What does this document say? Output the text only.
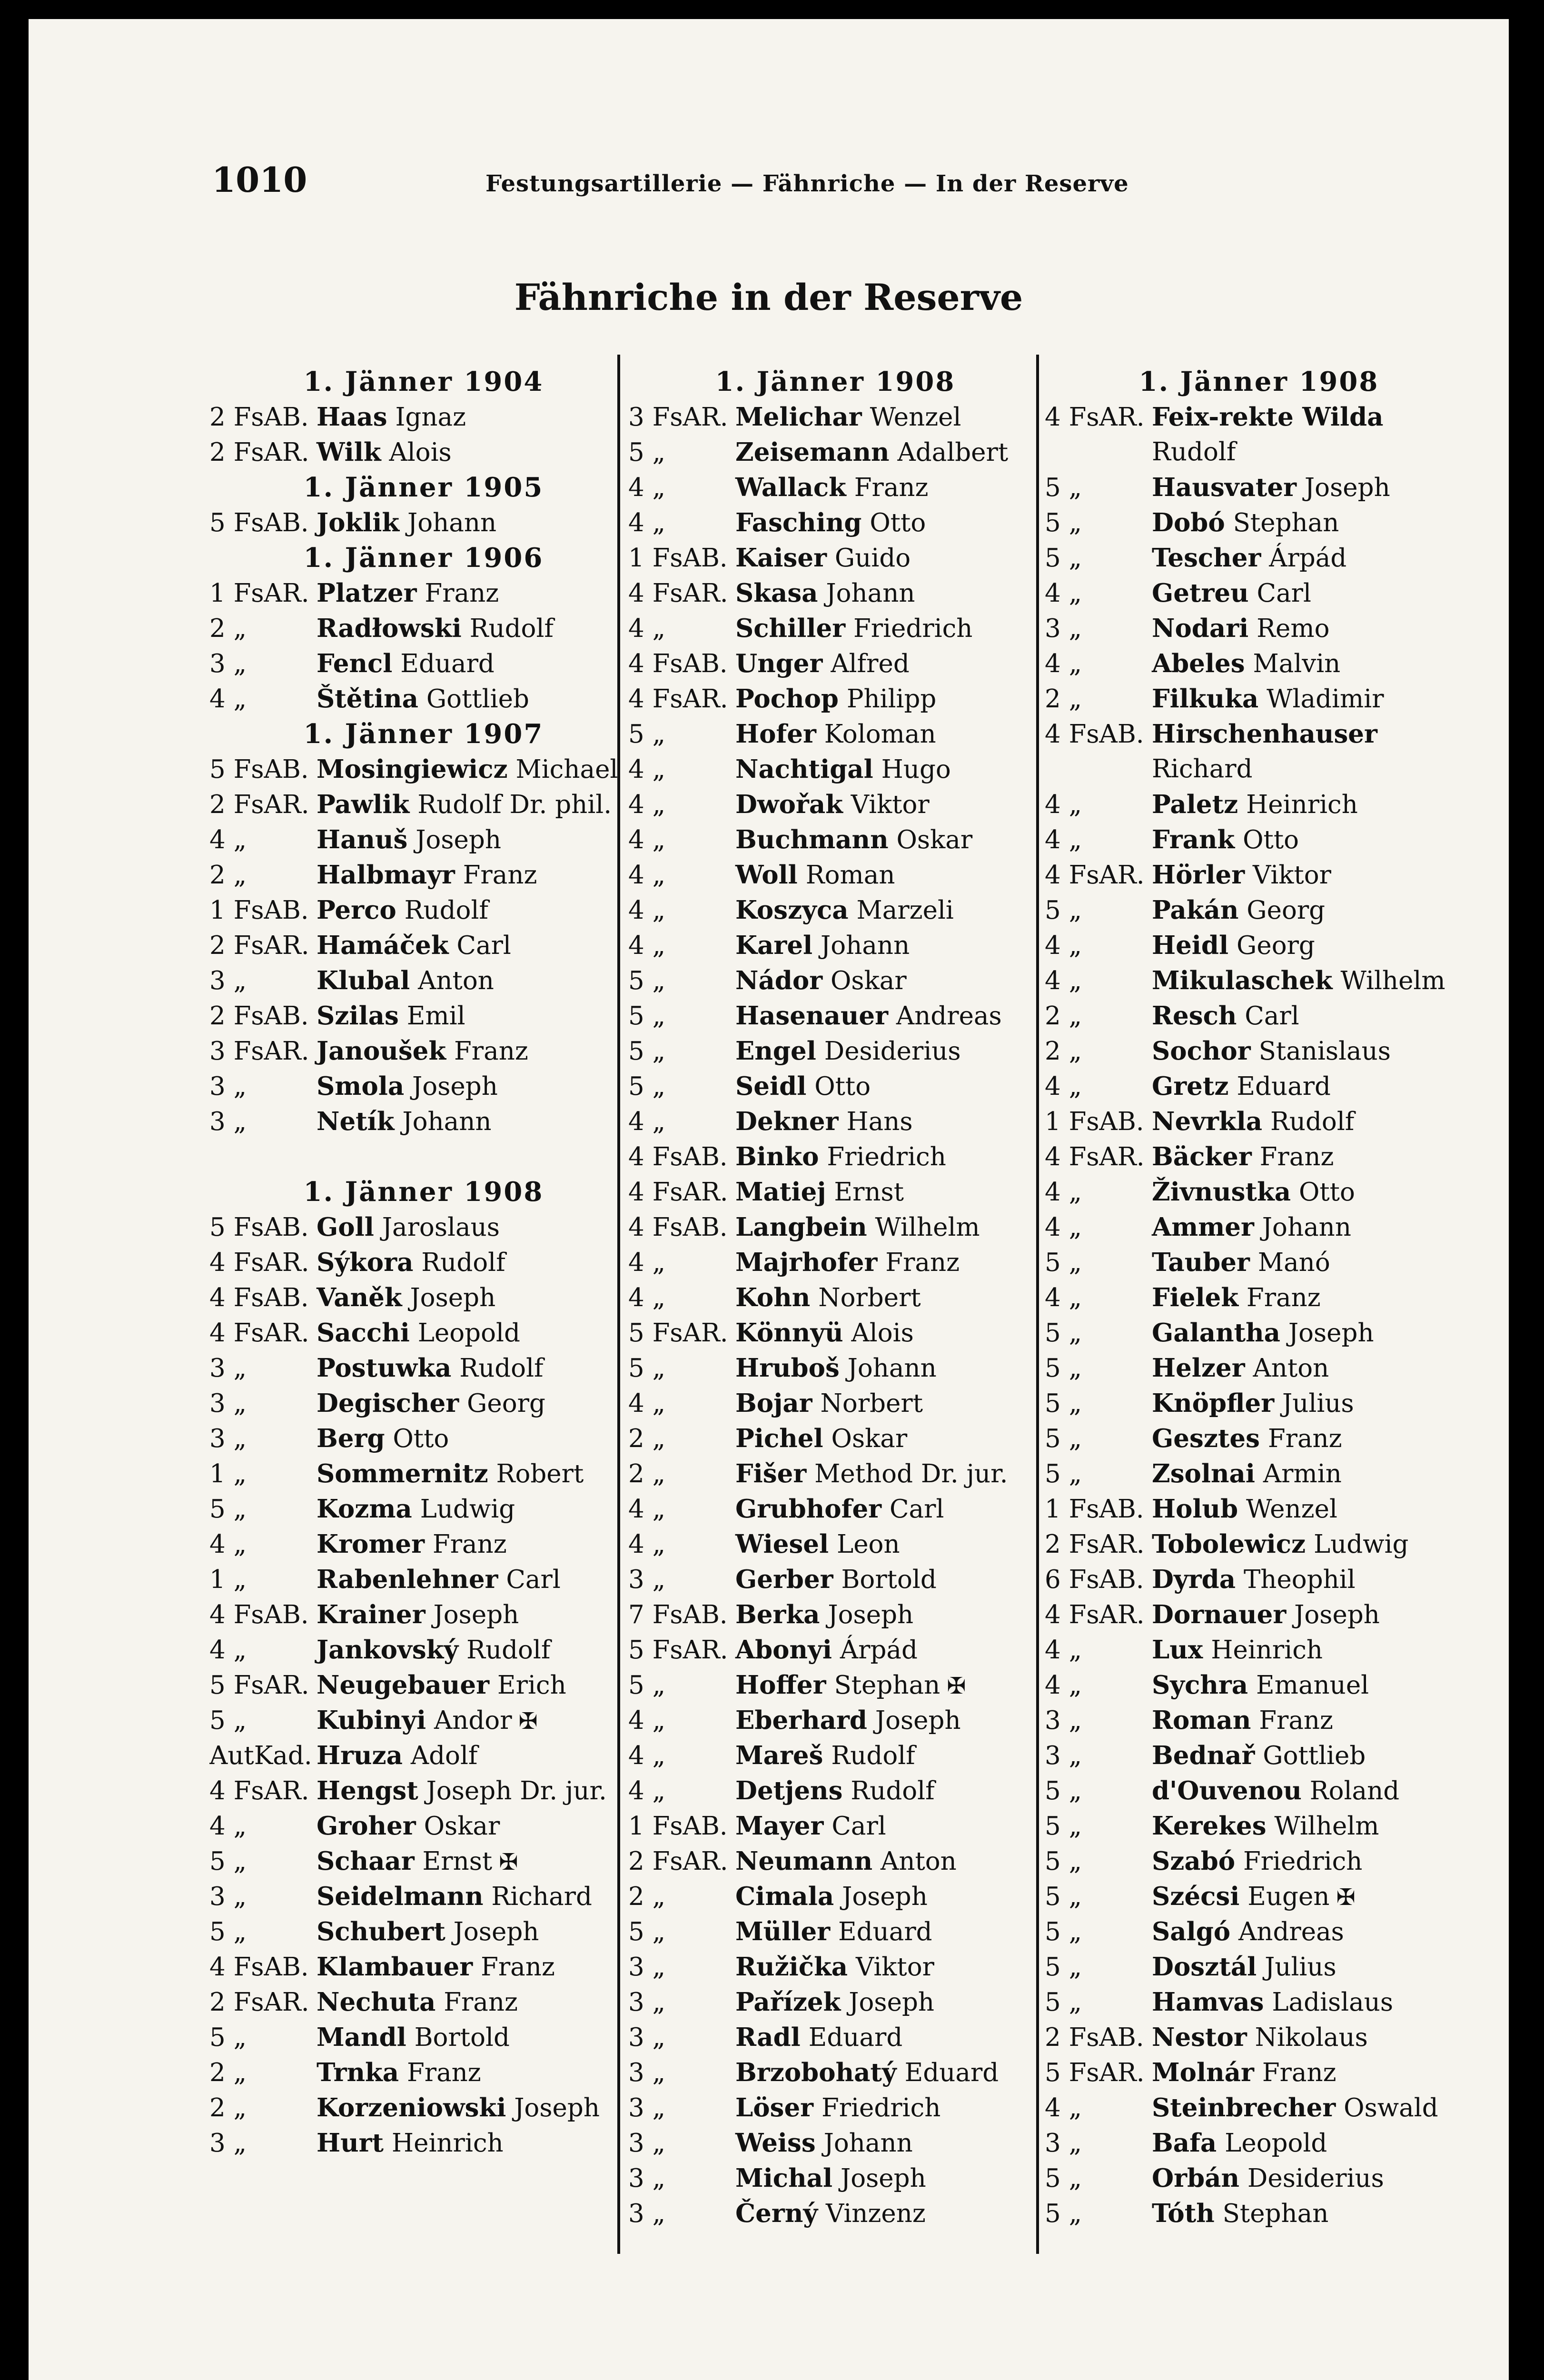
1010	Festungsartillerie — Fähnriche — In der Reserve
Fähnriche in der Reserve
1. Jänner 1904
2 FsAB. Haas Ignaz
2 FsAR. Wilk Alois
1. Jänner 1905
5 FsAB. Joklik Johann
1. Jänner 1906
1 FsAR. Platzer Franz
2 „	Radłowski Rudolf
3 „	Fencl Eduard
4 „	Štětina Gottlieb
1. Jänner 1907
5 FsAB. Mosingiewicz Michael
2 FsAR. Pawlik Rudolf Dr. phil.
4 „	Hanuš Joseph
2 „	Halbmayr Franz
1 FsAB. Perco Rudolf
2 FsAR. Hamáček Carl
3 „	Klubal Anton
2 FsAB. Szilas Emil
3 FsAR. Janoušek Franz
3 „	Smola Joseph
3 „	Netík Johann
1. Jänner 1908
5 FsAB. Goll Jaroslaus
4 FsAR. Sýkora Rudolf
4 FsAB. Vaněk Joseph
4 FsAR. Sacchi Leopold
3 „	Postuwka Rudolf
3 „	Degischer Georg
3 „	Berg Otto
1 „	Sommernitz Robert
5 „	Kozma Ludwig
4 „	Kromer Franz
1 „	Rabenlehner Carl
4 FsAB. Krainer Joseph
4 „	Jankovský Rudolf
5 FsAR. Neugebauer Erich
5 „	Kubinyi Andor ✠
AutKad. Hruza Adolf
4 FsAR. Hengst Joseph Dr. jur.
4 „	Groher Oskar
5 „	Schaar Ernst ✠
3 „	Seidelmann Richard
5 „	Schubert Joseph
4 FsAB. Klambauer Franz
2 FsAR. Nechuta Franz
5 „	Mandl Bortold
2 „	Trnka Franz
2 „	Korzeniowski Joseph
3 „	Hurt Heinrich
1. Jänner 1908
3 FsAR. Melichar Wenzel
5 „	Zeisemann Adalbert
4 „	Wallack Franz
4 „	Fasching Otto
1 FsAB. Kaiser Guido
4 FsAR. Skasa Johann
4 „	Schiller Friedrich
4 FsAB. Unger Alfred
4 FsAR. Pochop Philipp
5 „	Hofer Koloman
4 „	Nachtigal Hugo
4 „	Dwořak Viktor
4 „	Buchmann Oskar
4 „	Woll Roman
4 „	Koszyca Marzeli
4 „	Karel Johann
5 „	Nádor Oskar
5 „	Hasenauer Andreas
5 „	Engel Desiderius
5 „	Seidl Otto
4 „	Dekner Hans
4 FsAB. Binko Friedrich
4 FsAR. Matiej Ernst
4 FsAB. Langbein Wilhelm
4 „	Majrhofer Franz
4 „	Kohn Norbert
5 FsAR. Könnyü Alois
5 „	Hruboš Johann
4 „	Bojar Norbert
2 „	Pichel Oskar
2 „	Fišer Method Dr. jur.
4 „	Grubhofer Carl
4 „	Wiesel Leon
3 „	Gerber Bortold
7 FsAB. Berka Joseph
5 FsAR. Abonyi Árpád
5 „	Hoffer Stephan ✠
4 „	Eberhard Joseph
4 „	Mareš Rudolf
4 „	Detjens Rudolf
1 FsAB. Mayer Carl
2 FsAR. Neumann Anton
2 „	Cimala Joseph
5 „	Müller Eduard
3 „	Ružička Viktor
3 „	Pařízek Joseph
3 „	Radl Eduard
3 „	Brzobohatý Eduard
3 „	Löser Friedrich
3 „	Weiss Johann
3 „	Michal Joseph
3 „	Černý Vinzenz
1. Jänner 1908
4 FsAR. Feix-rekte Wilda
Rudolf
5 „	Hausvater Joseph
5 „	Dobó Stephan
5 „	Tescher Árpád
4 „	Getreu Carl
3 „	Nodari Remo
4 „	Abeles Malvin
2 „	Filkuka Wladimir
4 FsAB. Hirschenhauser
Richard
4 „	Paletz Heinrich
4 „	Frank Otto
4 FsAR. Hörler Viktor
5 „	Pakán Georg
4 „	Heidl Georg
4 „	Mikulaschek Wilhelm
2 „	Resch Carl
2 „	Sochor Stanislaus
4 „	Gretz Eduard
1 FsAB. Nevrkla Rudolf
4 FsAR. Bäcker Franz
4 „	Živnustka Otto
4 „	Ammer Johann
5 „	Tauber Manó
4 „	Fielek Franz
5 „	Galantha Joseph
5 „	Helzer Anton
5 „	Knöpfler Julius
5 „	Gesztes Franz
5 „	Zsolnai Armin
1 FsAB. Holub Wenzel
2 FsAR. Tobolewicz Ludwig
6 FsAB. Dyrda Theophil
4 FsAR. Dornauer Joseph
4 „	Lux Heinrich
4 „	Sychra Emanuel
3 „	Roman Franz
3 „	Bednař Gottlieb
5 „	d'Ouvenou Roland
5 „	Kerekes Wilhelm
5 „	Szabó Friedrich
5 „	Szécsi Eugen ✠
5 „	Salgó Andreas
5 „	Dosztál Julius
5 „	Hamvas Ladislaus
2 FsAB. Nestor Nikolaus
5 FsAR. Molnár Franz
4 „	Steinbrecher Oswald
3 „	Bafa Leopold
5 „	Orbán Desiderius
5 „	Tóth Stephan
